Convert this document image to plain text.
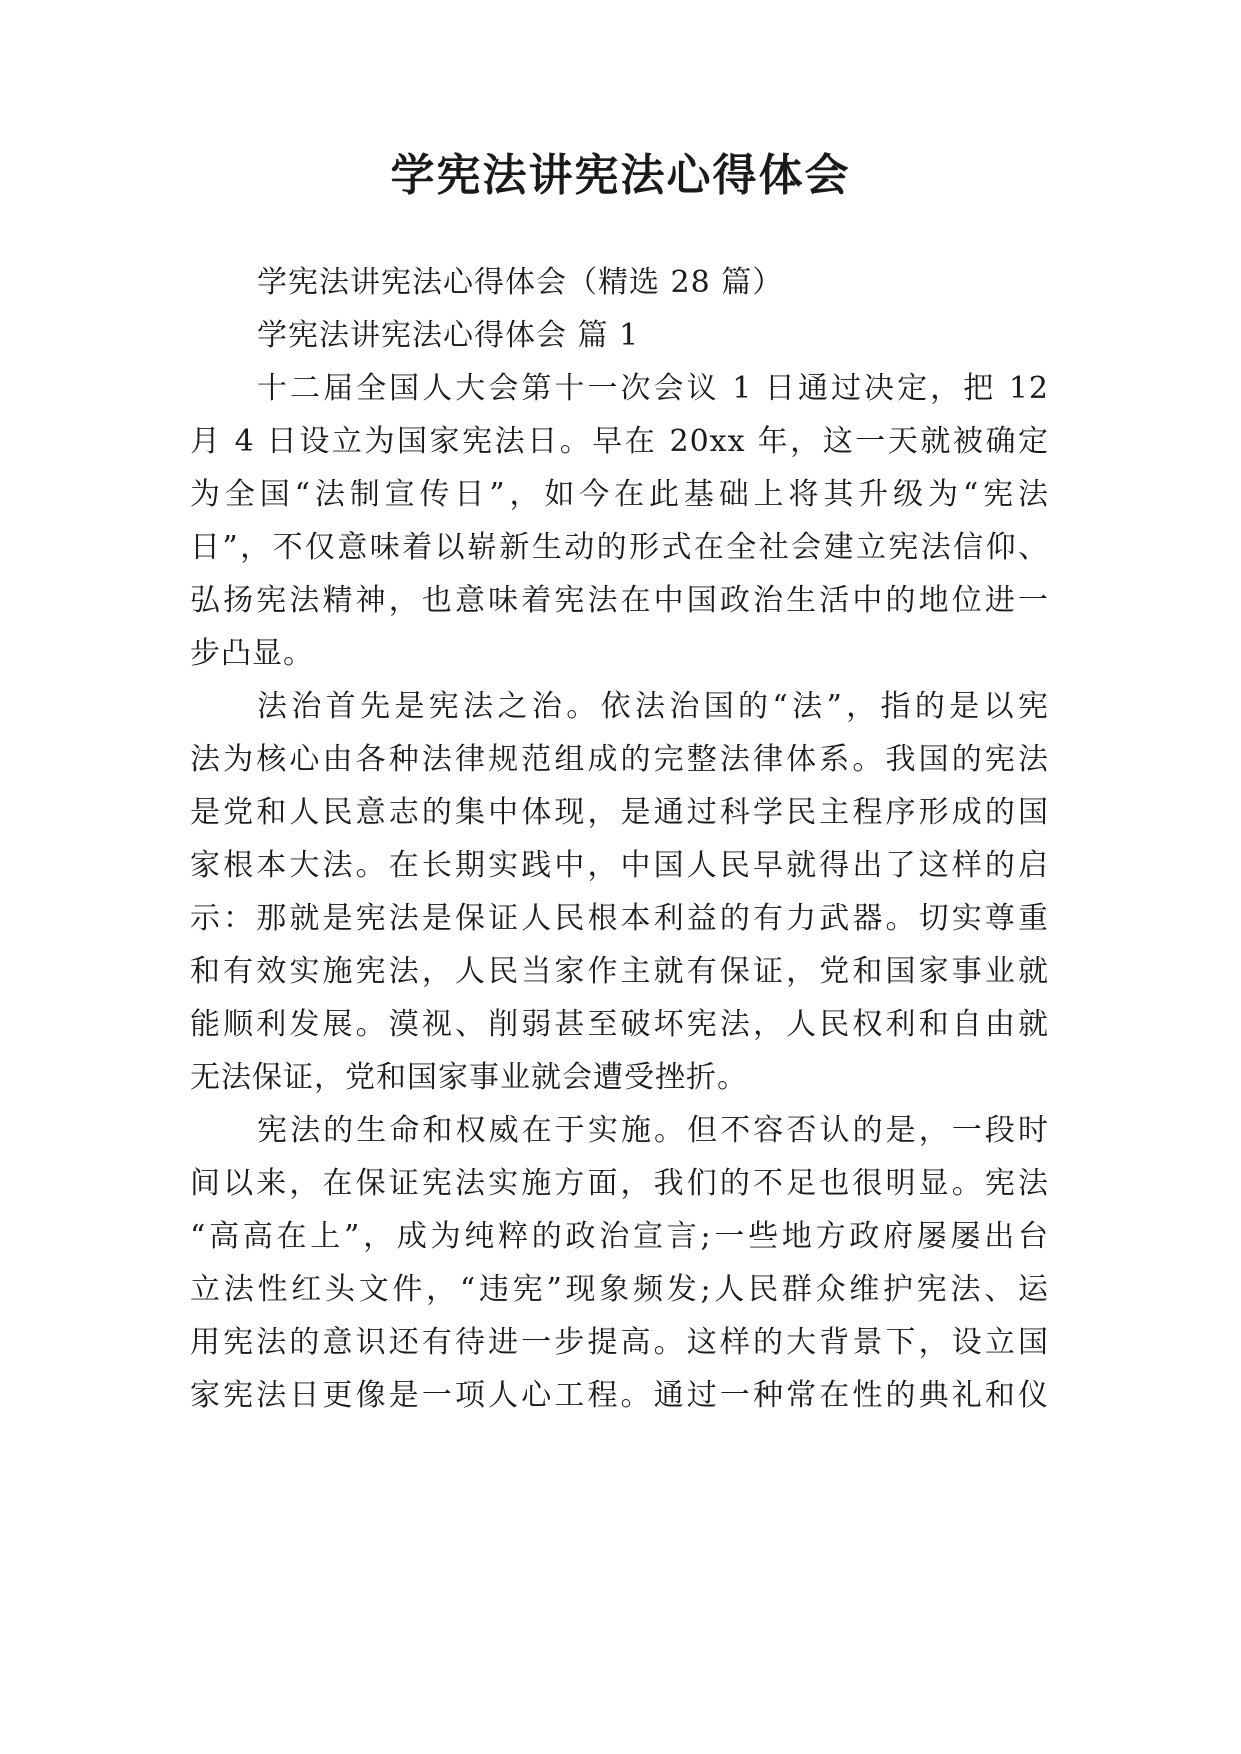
学宪法讲宪法心得体会

学宪法讲宪法心得体会（精选 28 篇）

学宪法讲宪法心得体会 篇 1

十二届全国人大会第十一次会议 1 日通过决定，把 12

月 4 日设立为国家宪法日。早在 20xx 年，这一天就被确定

为全国“法制宣传日”，如今在此基础上将其升级为“宪法

日”，不仅意味着以崭新生动的形式在全社会建立宪法信仰、

弘扬宪法精神，也意味着宪法在中国政治生活中的地位进一

步凸显。

法治首先是宪法之治。依法治国的“法”，指的是以宪

法为核心由各种法律规范组成的完整法律体系。我国的宪法

是党和人民意志的集中体现，是通过科学民主程序形成的国

家根本大法。在长期实践中，中国人民早就得出了这样的启

示：那就是宪法是保证人民根本利益的有力武器。切实尊重

和有效实施宪法，人民当家作主就有保证，党和国家事业就

能顺利发展。漠视、削弱甚至破坏宪法，人民权利和自由就

无法保证，党和国家事业就会遭受挫折。

宪法的生命和权威在于实施。但不容否认的是，一段时

间以来，在保证宪法实施方面，我们的不足也很明显。宪法

“高高在上”，成为纯粹的政治宣言;一些地方政府屡屡出台

立法性红头文件，“违宪”现象频发;人民群众维护宪法、运

用宪法的意识还有待进一步提高。这样的大背景下，设立国

家宪法日更像是一项人心工程。通过一种常在性的典礼和仪
